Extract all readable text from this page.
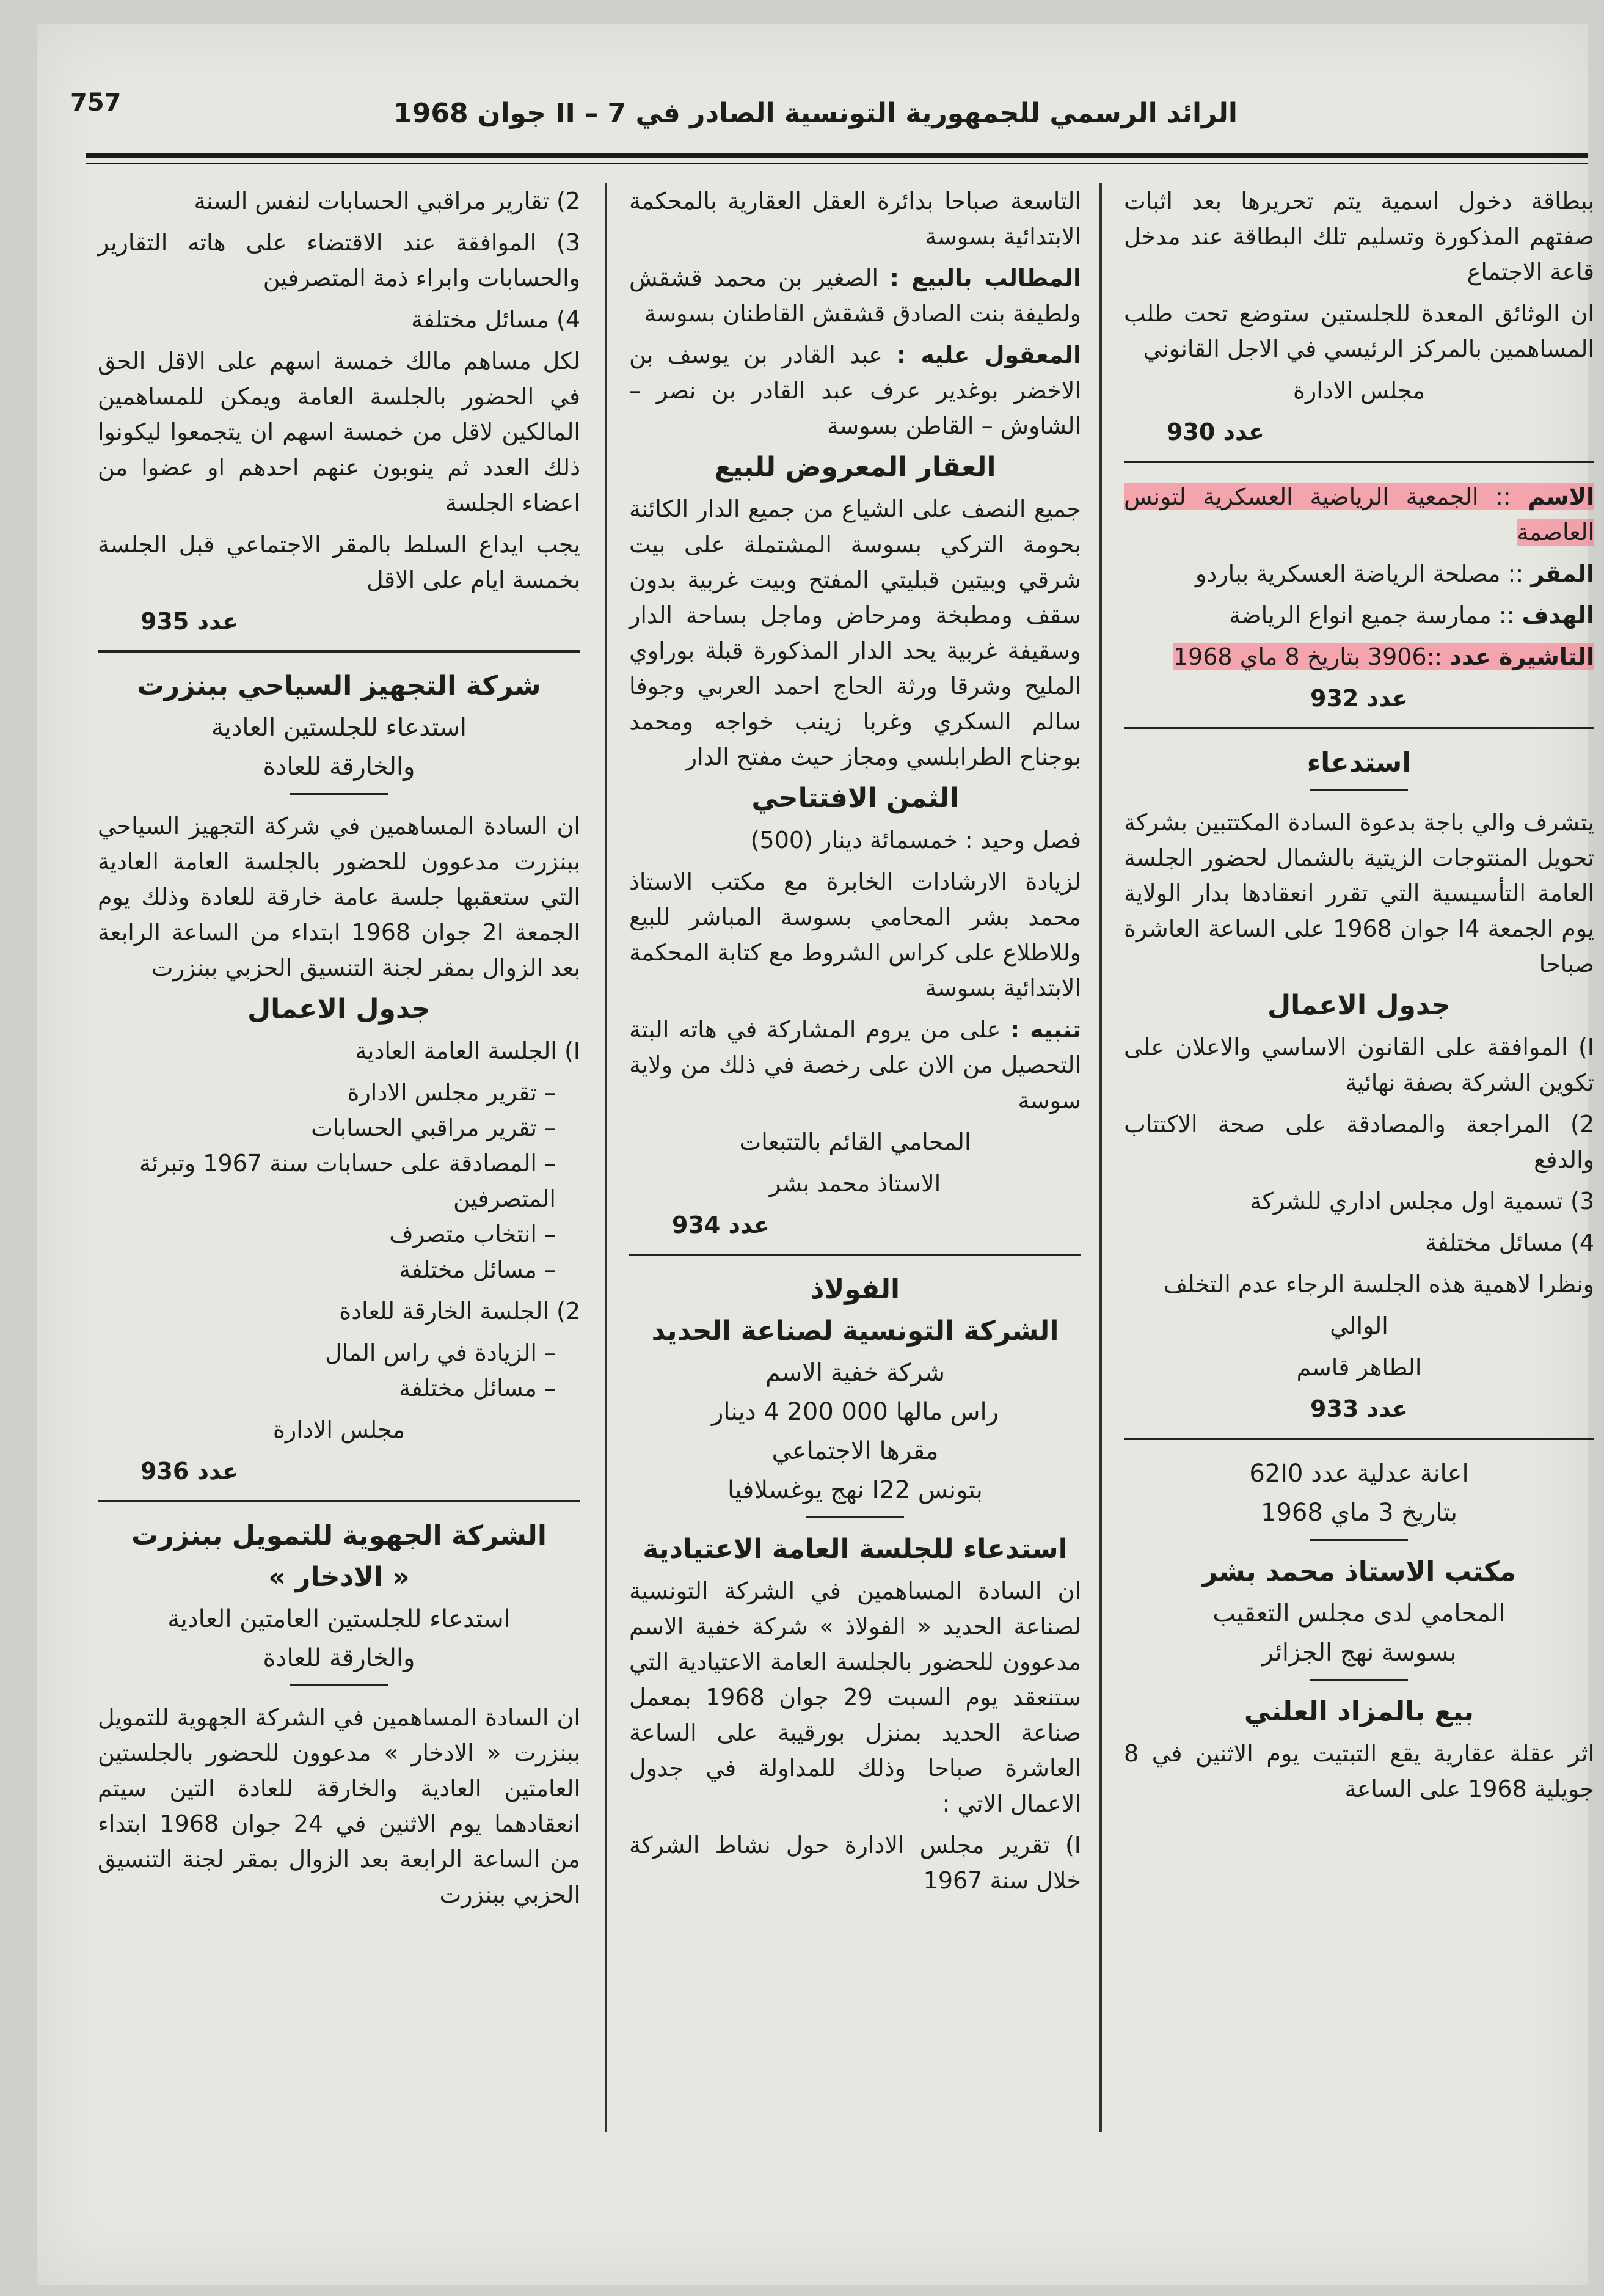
757	الرائد الرسمي للجمهورية التونسية الصادر في 7 – II جوان 1968

ببطاقة دخول اسمية يتم تحريرها بعد اثبات صفتهم المذكورة وتسليم تلك البطاقة عند مدخل قاعة الاجتماع

ان الوثائق المعدة للجلستين ستوضع تحت طلب المساهمين بالمركز الرئيسي في الاجل القانوني

مجلس الادارة
عدد 930

الاسم :: الجمعية الرياضية العسكرية لتونس العاصمة

المقر :: مصلحة الرياضة العسكرية بباردو

الهدف :: ممارسة جميع انواع الرياضة

التاشيرة عدد ::3906 بتاريخ 8 ماي 1968

عدد 932
استدعاء

يتشرف والي باجة بدعوة السادة المكتتبين بشركة تحويل المنتوجات الزيتية بالشمال لحضور الجلسة العامة التأسيسية التي تقرر انعقادها بدار الولاية يوم الجمعة I4 جوان 1968 على الساعة العاشرة صباحا

جدول الاعمال

I) الموافقة على القانون الاساسي والاعلان على تكوين الشركة بصفة نهائية

2) المراجعة والمصادقة على صحة الاكتتاب والدفع

3) تسمية اول مجلس اداري للشركة

4) مسائل مختلفة

ونظرا لاهمية هذه الجلسة الرجاء عدم التخلف

الوالي
الطاهر قاسم
عدد 933
اعانة عدلية عدد 62I0
بتاريخ 3 ماي 1968
مكتب الاستاذ محمد بشر
المحامي لدى مجلس التعقيب
بسوسة نهج الجزائر
بيع بالمزاد العلني

اثر عقلة عقارية يقع التبتيت يوم الاثنين في 8 جويلية 1968 على الساعة

التاسعة صباحا بدائرة العقل العقارية بالمحكمة الابتدائية بسوسة

المطالب بالبيع : الصغير بن محمد قشقش ولطيفة بنت الصادق قشقش القاطنان بسوسة

المعقول عليه : عبد القادر بن يوسف بن الاخضر بوغدير عرف عبد القادر بن نصر – الشاوش – القاطن بسوسة

العقار المعروض للبيع

جميع النصف على الشياع من جميع الدار الكائنة بحومة التركي بسوسة المشتملة على بيت شرقي وبيتين قبليتي المفتح وبيت غربية بدون سقف ومطبخة ومرحاض وماجل بساحة الدار وسقيفة غربية يحد الدار المذكورة قبلة بوراوي المليح وشرقا ورثة الحاج احمد العربي وجوفا سالم السكري وغربا زينب خواجه ومحمد بوجناح الطرابلسي ومجاز حيث مفتح الدار

الثمن الافتتاحي

فصل وحيد : خمسمائة دينار (500)

لزيادة الارشادات الخابرة مع مكتب الاستاذ محمد بشر المحامي بسوسة المباشر للبيع وللاطلاع على كراس الشروط مع كتابة المحكمة الابتدائية بسوسة

تنبيه : على من يروم المشاركة في هاته البتة التحصيل من الان على رخصة في ذلك من ولاية سوسة

المحامي القائم بالتتبعات
الاستاذ محمد بشر
عدد 934
الفولاذ
الشركة التونسية لصناعة الحديد
شركة خفية الاسم
راس مالها 000 200 4 دينار
مقرها الاجتماعي
بتونس I22 نهج يوغسلافيا
استدعاء للجلسة العامة الاعتيادية

ان السادة المساهمين في الشركة التونسية لصناعة الحديد « الفولاذ » شركة خفية الاسم مدعوون للحضور بالجلسة العامة الاعتيادية التي ستنعقد يوم السبت 29 جوان 1968 بمعمل صناعة الحديد بمنزل بورقيبة على الساعة العاشرة صباحا وذلك للمداولة في جدول الاعمال الاتي :

I) تقرير مجلس الادارة حول نشاط الشركة خلال سنة 1967

2) تقارير مراقبي الحسابات لنفس السنة

3) الموافقة عند الاقتضاء على هاته التقارير والحسابات وابراء ذمة المتصرفين

4) مسائل مختلفة

لكل مساهم مالك خمسة اسهم على الاقل الحق في الحضور بالجلسة العامة ويمكن للمساهمين المالكين لاقل من خمسة اسهم ان يتجمعوا ليكونوا ذلك العدد ثم ينوبون عنهم احدهم او عضوا من اعضاء الجلسة

يجب ايداع السلط بالمقر الاجتماعي قبل الجلسة بخمسة ايام على الاقل

عدد 935
شركة التجهيز السياحي ببنزرت
استدعاء للجلستين العادية
والخارقة للعادة

ان السادة المساهمين في شركة التجهيز السياحي ببنزرت مدعوون للحضور بالجلسة العامة العادية التي ستعقبها جلسة عامة خارقة للعادة وذلك يوم الجمعة 2I جوان 1968 ابتداء من الساعة الرابعة بعد الزوال بمقر لجنة التنسيق الحزبي ببنزرت

جدول الاعمال

I) الجلسة العامة العادية

– تقرير مجلس الادارة
– تقرير مراقبي الحسابات
– المصادقة على حسابات سنة 1967 وتبرئة المتصرفين
– انتخاب متصرف
– مسائل مختلفة

2) الجلسة الخارقة للعادة

– الزيادة في راس المال
– مسائل مختلفة
مجلس الادارة
عدد 936
الشركة الجهوية للتمويل ببنزرت
« الادخار »
استدعاء للجلستين العامتين العادية
والخارقة للعادة

ان السادة المساهمين في الشركة الجهوية للتمويل ببنزرت « الادخار » مدعوون للحضور بالجلستين العامتين العادية والخارقة للعادة التين سيتم انعقادهما يوم الاثنين في 24 جوان 1968 ابتداء من الساعة الرابعة بعد الزوال بمقر لجنة التنسيق الحزبي ببنزرت
